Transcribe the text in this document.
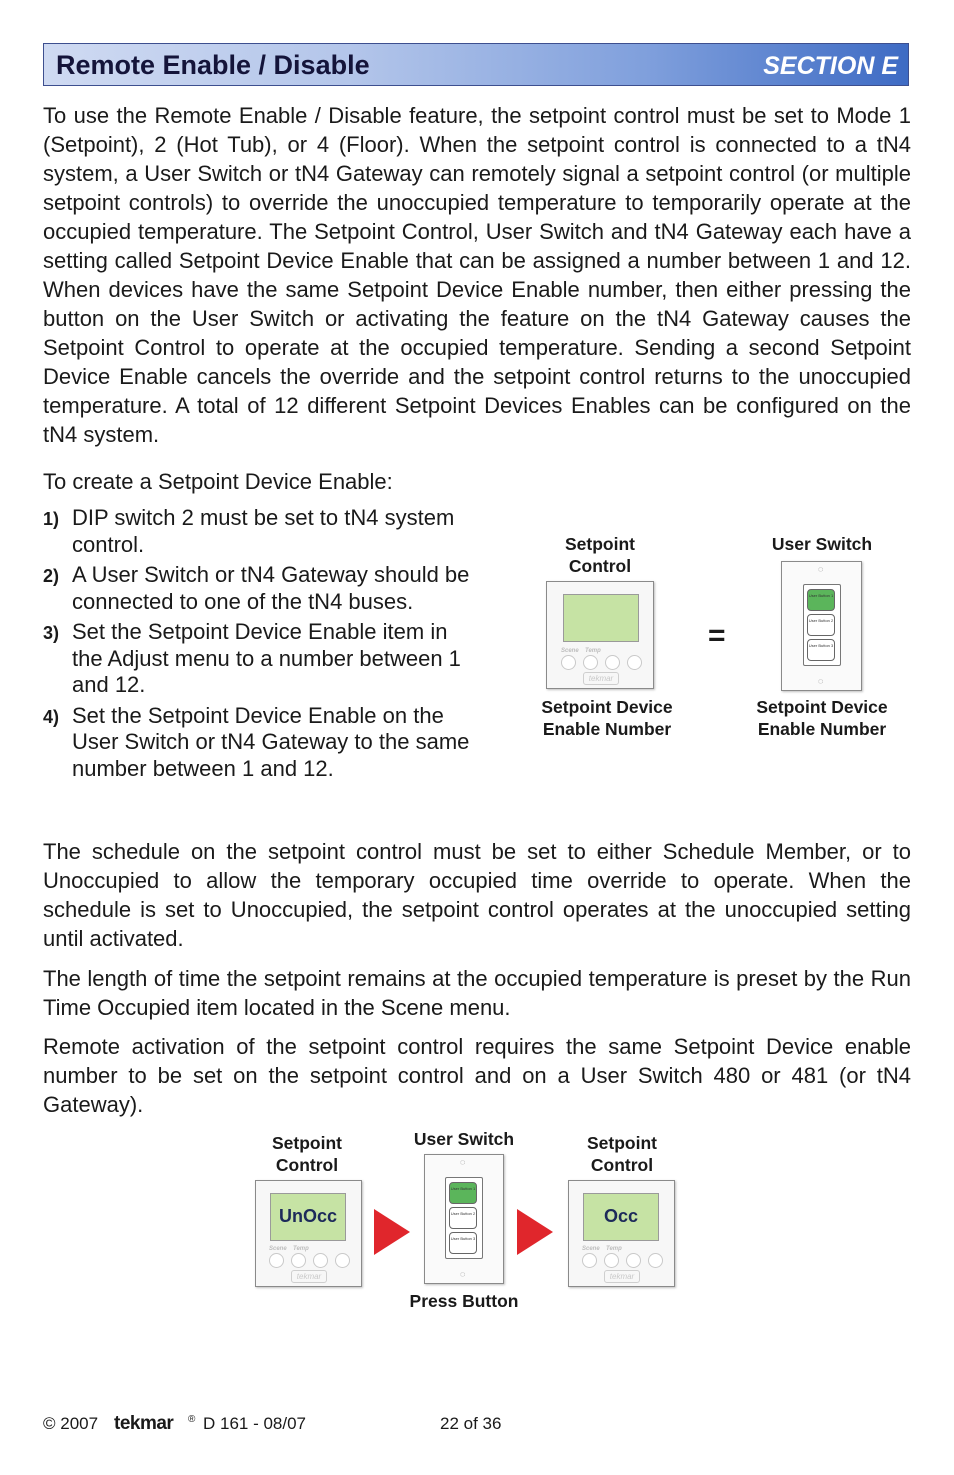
Remote Enable / Disable	SECTION E

To use the Remote Enable / Disable feature, the setpoint control must be set to Mode 1 (Setpoint), 2 (Hot Tub), or 4 (Floor). When the setpoint control is connected to a tN4 system, a User Switch or tN4 Gateway can remotely signal a setpoint control (or multiple setpoint controls) to override the unoccupied temperature to temporarily operate at the occupied temperature. The Setpoint Control, User Switch and tN4 Gateway each have a setting called Setpoint Device Enable that can be assigned a number between 1 and 12. When devices have the same Setpoint Device Enable number, then either pressing the button on the User Switch or activating the feature on the tN4 Gateway causes the Setpoint Control to operate at the occupied temperature. Sending a second Setpoint Device Enable cancels the override and the setpoint control returns to the unoccupied temperature. A total of 12 different Setpoint Devices Enables can be configured on the tN4 system.

To create a Setpoint Device Enable:

1) DIP switch 2 must be set to tN4 system control.
2) A User Switch or tN4 Gateway should be connected to one of the tN4 buses.
3) Set the Setpoint Device Enable item in the Adjust menu to a number between 1 and 12.
4) Set the Setpoint Device Enable on the User Switch or tN4 Gateway to the same number between 1 and 12.
Setpoint Control
User Switch
Scene Temp
tekmar
=
◌
User Button 1
User Button 2
User Button 3
◌
Setpoint Device Enable Number
Setpoint Device Enable Number

The schedule on the setpoint control must be set to either Schedule Member, or to Unoccupied to allow the temporary occupied time override to operate. When the schedule is set to Unoccupied, the setpoint control operates at the unoccupied setting until activated.

The length of time the setpoint remains at the occupied temperature is preset by the Run Time Occupied item located in the Scene menu.

Remote activation of the setpoint control requires the same Setpoint Device enable number to be set on the setpoint control and on a User Switch 480 or 481 (or tN4 Gateway).

Setpoint Control
User Switch	Setpoint Control
UnOcc
Scene Temp
tekmar
◌
User Button 1
User Button 2
User Button 3
◌
Occ
Scene Temp
tekmar
Press Button
© 2007 tekmar ® D 161 - 08/07	22 of 36
